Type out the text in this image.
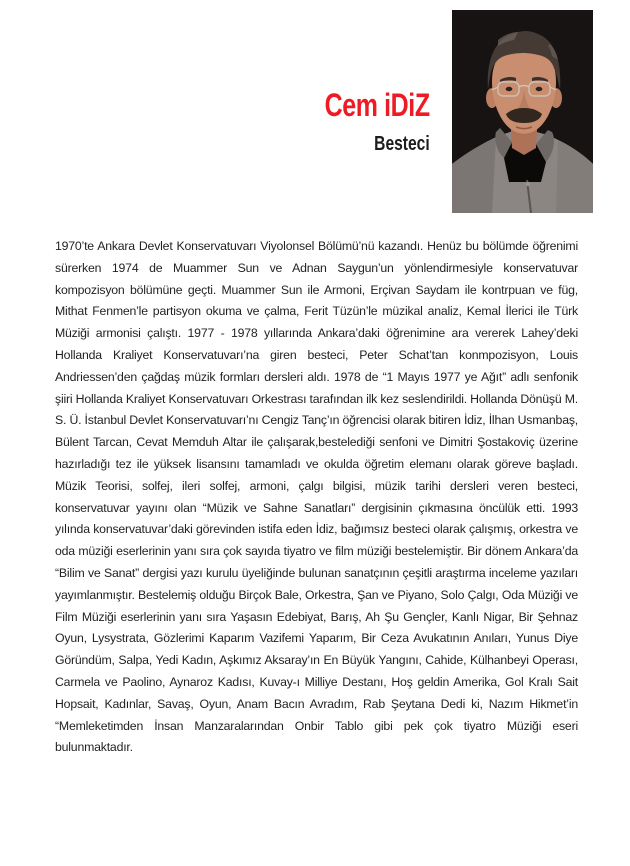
Cem iDiZ
Besteci

1970’te Ankara Devlet Konservatuvarı Viyolonsel Bölümü’nü kazandı. Henüz bu bölümde öğrenimi sürerken 1974 de Muammer Sun ve Adnan Saygun’un yönlendirmesiyle konservatuvar kompozisyon bölümüne geçti. Muammer Sun ile Armoni, Erçivan Saydam ile kontrpuan ve füg, Mithat Fenmen’le partisyon okuma ve çalma, Ferit Tüzün’le müzikal analiz, Kemal İlerici ile Türk Müziği armonisi çalıştı. 1977 - 1978 yıllarında Ankara’daki öğrenimine ara vererek Lahey’deki Hollanda Kraliyet Konservatuvarı’na giren besteci, Peter Schat’tan konmpozisyon, Louis Andriessen’den çağdaş müzik formları dersleri aldı. 1978 de “1 Mayıs 1977 ye Ağıt” adlı senfonik şiiri Hollanda Kraliyet Konservatuvarı Orkestrası tarafından ilk kez seslendirildi. Hollanda Dönüşü M. S. Ü. İstanbul Devlet Konservatuvarı’nı Cengiz Tanç’ın öğrencisi olarak bitiren İdiz, İlhan Usmanbaş, Bülent Tarcan, Cevat Memduh Altar ile çalışarak,bestelediği senfoni ve Dimitri Şostakoviç üzerine hazırladığı tez ile yüksek lisansını tamamladı ve okulda öğretim elemanı olarak göreve başladı. Müzik Teorisi, solfej, ileri solfej, armoni, çalgı bilgisi, müzik tarihi dersleri veren besteci, konservatuvar yayını olan “Müzik ve Sahne Sanatları” dergisinin çıkmasına öncülük etti. 1993 yılında konservatuvar’daki görevinden istifa eden İdiz, bağımsız besteci olarak çalışmış, orkestra ve oda müziği eserlerinin yanı sıra çok sayıda tiyatro ve film müziği bestelemiştir. Bir dönem Ankara’da “Bilim ve Sanat” dergisi yazı kurulu üyeliğinde bulunan sanatçının çeşitli araştırma inceleme yazıları yayımlanmıştır. Bestelemiş olduğu Birçok Bale, Orkestra, Şan ve Piyano, Solo Çalgı, Oda Müziği ve Film Müziği eserlerinin yanı sıra Yaşasın Edebiyat, Barış, Ah Şu Gençler, Kanlı Nigar, Bir Şehnaz Oyun, Lysystrata, Gözlerimi Kaparım Vazifemi Yaparım, Bir Ceza Avukatının Anıları, Yunus Diye Göründüm, Salpa, Yedi Kadın, Aşkımız Aksaray’ın En Büyük Yangını, Cahide, Külhanbeyi Operası, Carmela ve Paolino, Aynaroz Kadısı, Kuvay-ı Milliye Destanı, Hoş geldin Amerika, Gol Kralı Sait Hopsait, Kadınlar, Savaş, Oyun, Anam Bacın Avradım, Rab Şeytana Dedi ki, Nazım Hikmet’in “Memleketimden İnsan Manzaralarından Onbir Tablo gibi pek çok tiyatro Müziği eseri bulunmaktadır.
